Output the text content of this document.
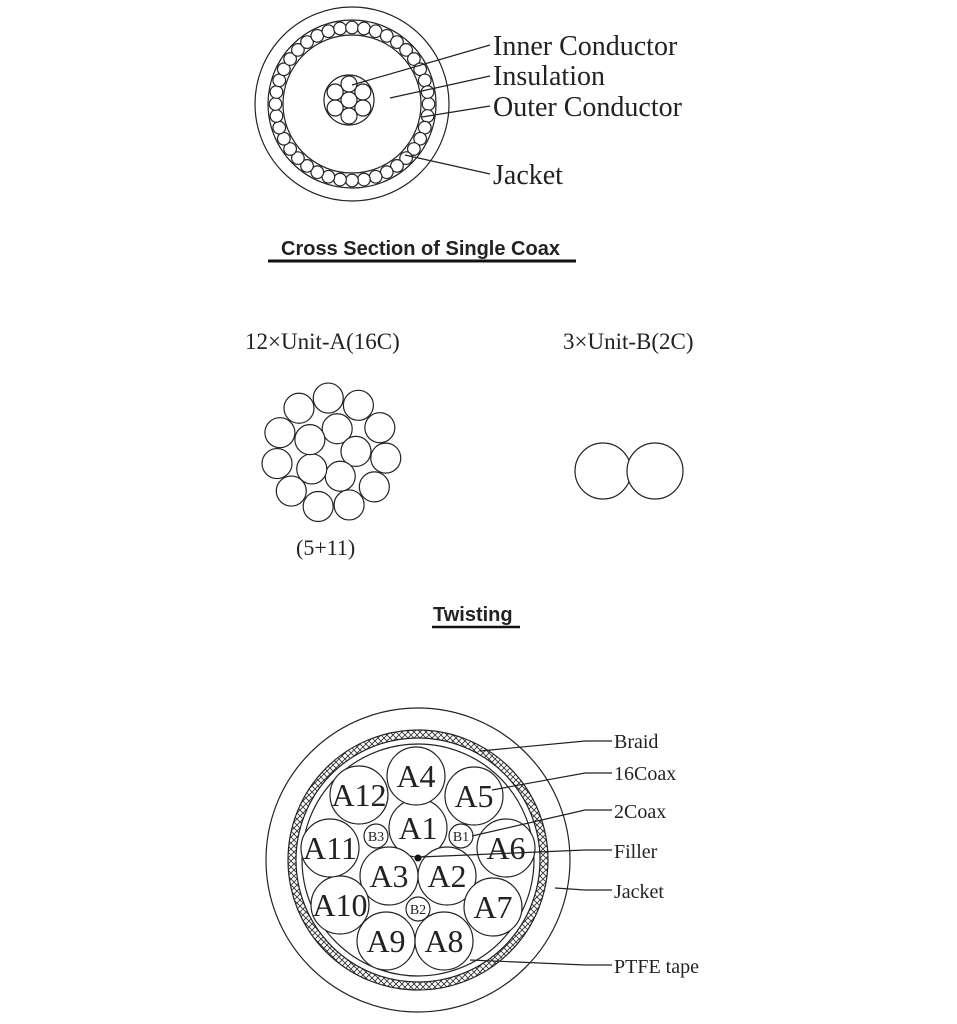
Inner Conductor
Insulation
Outer Conductor
Jacket
Cross Section of Single Coax
12×Unit-A(16C)	3×Unit-B(2C)
(5+11)
Twisting
A1
A2
A3
A4
A5
A6
A7
A8
A9
A10
A11
A12
B1
B2
B3
Braid
16Coax
2Coax
Filler
Jacket
PTFE tape
